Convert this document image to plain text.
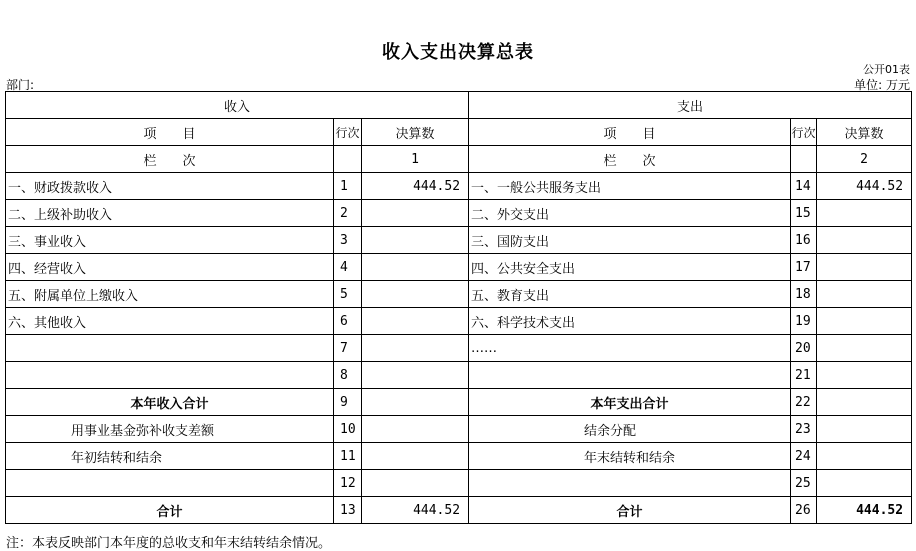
收入支出决算总表
公开01表
部门:	单位: 万元
收入			支出		
项　　目	行次	决算数	项　　目	行次	决算数
栏　　次		1	栏　　次		2
一、财政拨款收入	1	444.52	一、一般公共服务支出	14	444.52
二、上级补助收入	2		二、外交支出	15	
三、事业收入	3		三、国防支出	16	
四、经营收入	4		四、公共安全支出	17	
五、附属单位上缴收入	5		五、教育支出	18	
六、其他收入	6		六、科学技术支出	19	
	7		……	20	
	8			21	
本年收入合计	9		本年支出合计	22	
用事业基金弥补收支差额	10		结余分配	23	
年初结转和结余	11		年末结转和结余	24	
	12			25	
合计	13	444.52	合计	26	444.52
注：本表反映部门本年度的总收支和年末结转结余情况。
